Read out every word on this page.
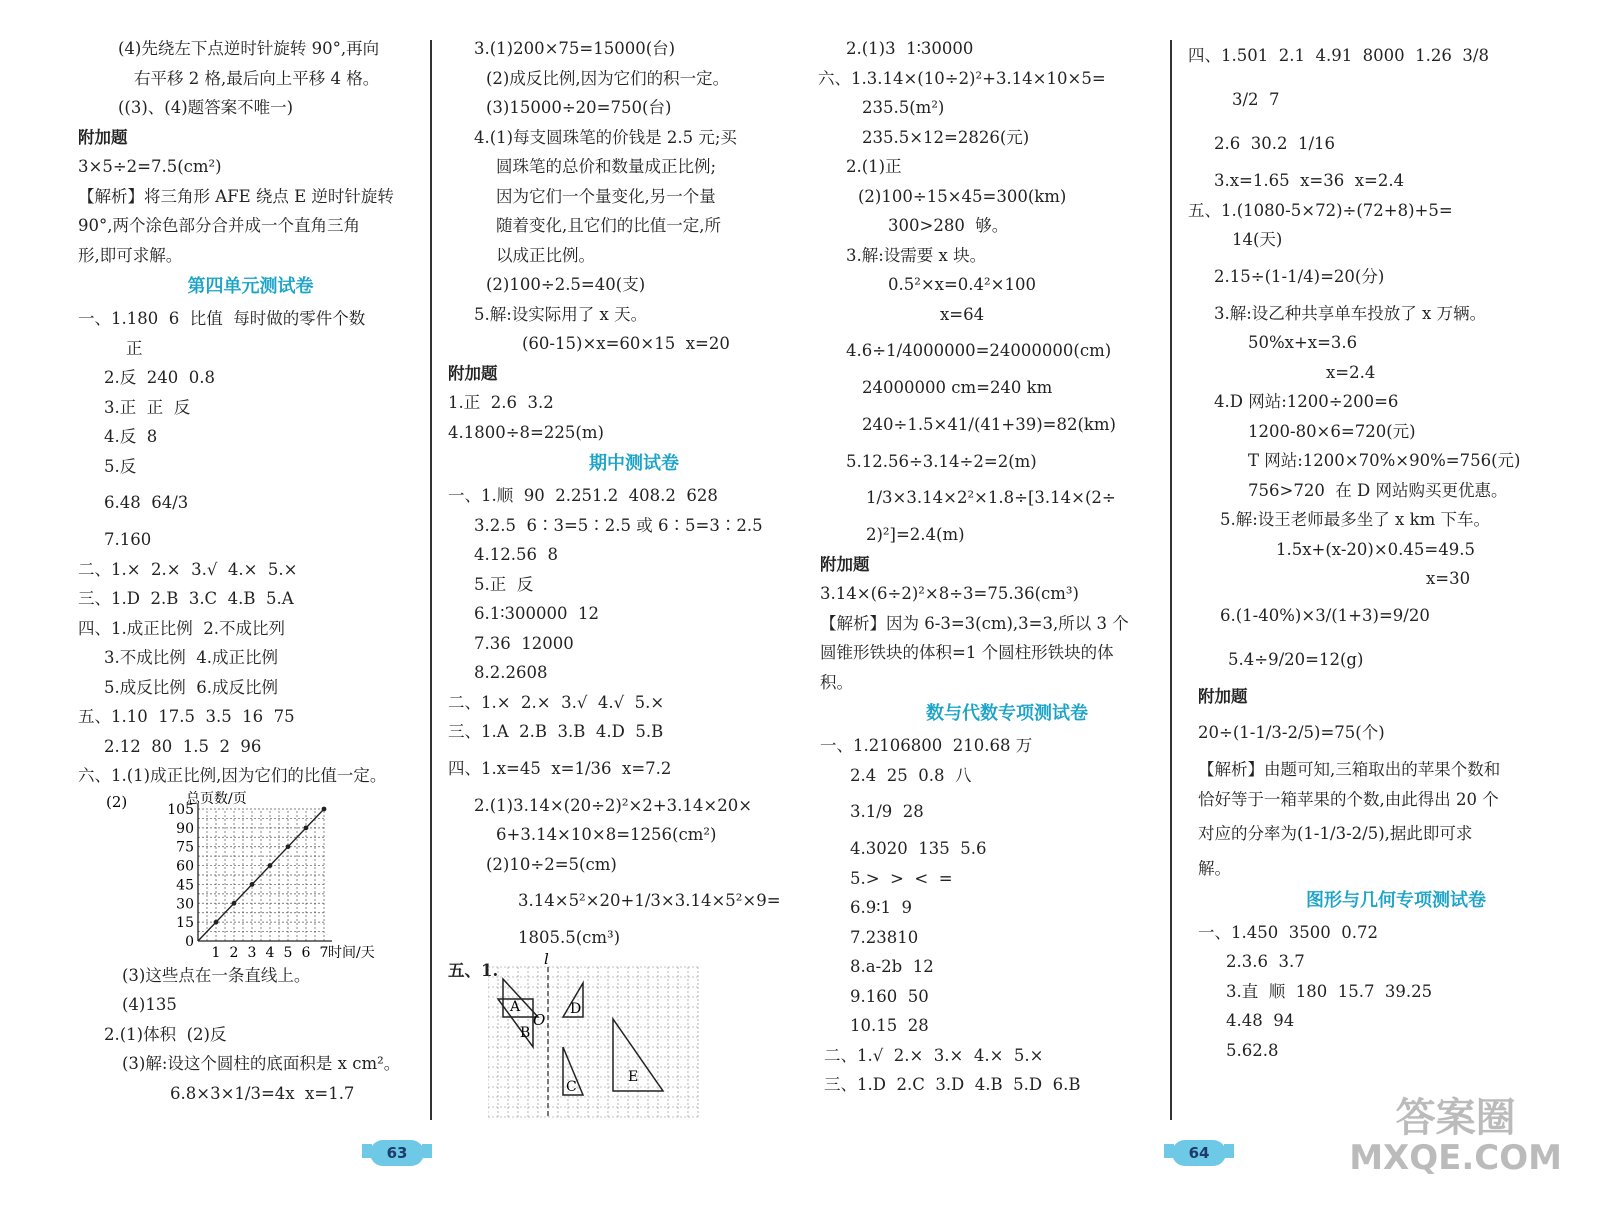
(4)先绕左下点逆时针旋转 90°,再向
右平移 2 格,最后向上平移 4 格。
((3)、(4)题答案不唯一)
附加题
3×5÷2=7.5(cm²)
【解析】将三角形 AFE 绕点 E 逆时针旋转
90°,两个涂色部分合并成一个直角三角
形,即可求解。
第四单元测试卷
一、1.180  6  比值  每时做的零件个数
正
2.反  240  0.8
3.正  正  反
4.反  8
5.反
6.48  64/3
7.160
二、1.×  2.×  3.√  4.×  5.×
三、1.D  2.B  3.C  4.B  5.A
四、1.成正比例  2.不成比列
3.不成比例  4.成正比例
5.成反比例  6.成反比例
五、1.10  17.5  3.5  16  75
2.12  80  1.5  2  96
六、1.(1)成正比例,因为它们的比值一定。
(2)	总页数/页
105
90
75
60
45
30
15
0
1 2 3 4 5 6 7 时间/天
(3)这些点在一条直线上。
(4)135
2.(1)体积  (2)反
(3)解:设这个圆柱的底面积是 x cm²。
6.8×3×1/3=4x  x=1.7
3.(1)200×75=15000(台)
(2)成反比例,因为它们的积一定。
(3)15000÷20=750(台)
4.(1)每支圆珠笔的价钱是 2.5 元;买
圆珠笔的总价和数量成正比例;
因为它们一个量变化,另一个量
随着变化,且它们的比值一定,所
以成正比例。
(2)100÷2.5=40(支)
5.解:设实际用了 x 天。
(60-15)×x=60×15  x=20
附加题
1.正  2.6  3.2
4.1800÷8=225(m)
期中测试卷
一、1.顺  90  2.251.2  408.2  628
3.2.5  6∶3=5∶2.5 或 6∶5=3∶2.5
4.12.56  8
5.正  反
6.1∶300000  12
7.36  12000
8.2.2608
二、1.×  2.×  3.√  4.√  5.×
三、1.A  2.B  3.B  4.D  5.B
四、1.x=45  x=1/36  x=7.2
2.(1)3.14×(20÷2)²×2+3.14×20×
6+3.14×10×8=1256(cm²)
(2)10÷2=5(cm)
3.14×5²×20+1/3×3.14×5²×9=
1805.5(cm³)
五、1.
l
O
A
B
D
C
E
2.(1)3  1∶30000
六、1.3.14×(10÷2)²+3.14×10×5=
235.5(m²)
235.5×12=2826(元)
2.(1)正
(2)100÷15×45=300(km)
300>280  够。
3.解:设需要 x 块。
0.5²×x=0.4²×100
x=64
4.6÷1/4000000=24000000(cm)
24000000 cm=240 km
240÷1.5×41/(41+39)=82(km)
5.12.56÷3.14÷2=2(m)
1/3×3.14×2²×1.8÷[3.14×(2÷
2)²]=2.4(m)
附加题
3.14×(6÷2)²×8÷3=75.36(cm³)
【解析】因为 6-3=3(cm),3=3,所以 3 个
圆锥形铁块的体积=1 个圆柱形铁块的体
积。
数与代数专项测试卷
一、1.2106800  210.68 万
2.4  25  0.8  八
3.1/9  28
4.3020  135  5.6
5.>  >  <  =
6.9∶1  9
7.23810
8.a-2b  12
9.160  50
10.15  28
二、1.√  2.×  3.×  4.×  5.×
三、1.D  2.C  3.D  4.B  5.D  6.B
四、1.501  2.1  4.91  8000  1.26  3/8
3/2  7
2.6  30.2  1/16
3.x=1.65  x=36  x=2.4
五、1.(1080-5×72)÷(72+8)+5=
14(天)
2.15÷(1-1/4)=20(分)
3.解:设乙种共享单车投放了 x 万辆。
50%x+x=3.6
x=2.4
4.D 网站:1200÷200=6
1200-80×6=720(元)
T 网站:1200×70%×90%=756(元)
756>720  在 D 网站购买更优惠。
5.解:设王老师最多坐了 x km 下车。
1.5x+(x-20)×0.45=49.5
x=30
6.(1-40%)×3/(1+3)=9/20
5.4÷9/20=12(g)
附加题
20÷(1-1/3-2/5)=75(个)
【解析】由题可知,三箱取出的苹果个数和
恰好等于一箱苹果的个数,由此得出 20 个
对应的分率为(1-1/3-2/5),据此即可求
解。
图形与几何专项测试卷
一、1.450  3500  0.72
2.3.6  3.7
3.直  顺  180  15.7  39.25
4.48  94
5.62.8
63	64
答案圈
MXQE.COM
